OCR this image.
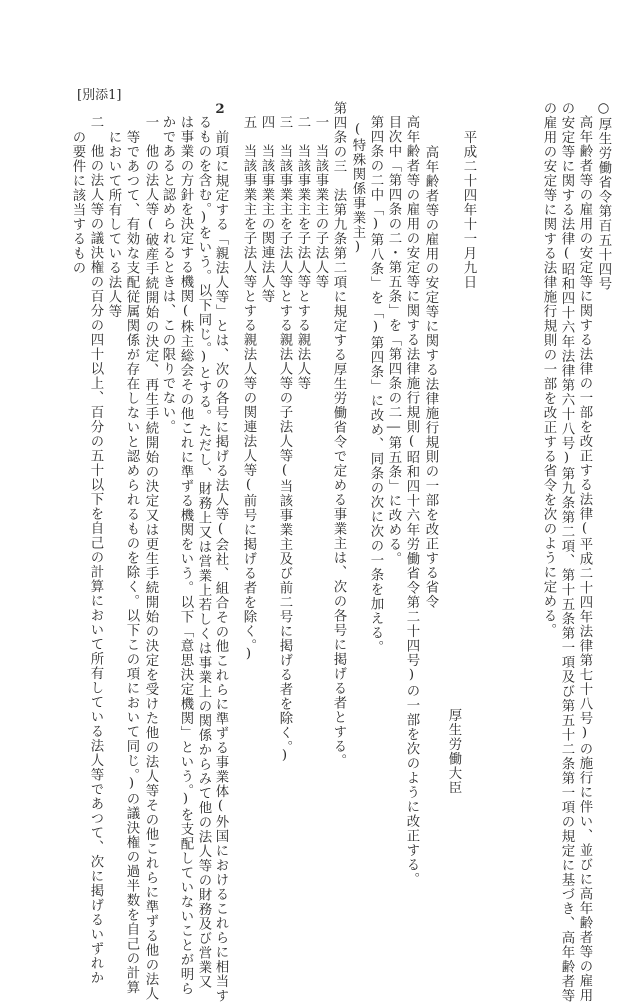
[別添1]
○厚生労働省令第百五十四号
高年齢者等の雇用の安定等に関する法律の一部を改正する法律(平成二十四年法律第七十八号)の施行に伴い、並びに高年齢者等の雇用
の安定等に関する法律(昭和四十六年法律第六十八号)第九条第二項、第十五条第一項及び第五十二条第一項の規定に基づき、高年齢者等
の雇用の安定等に関する法律施行規則の一部を改正する省令を次のように定める。
平成二十四年十一月九日
厚生労働大臣
高年齢者等の雇用の安定等に関する法律施行規則の一部を改正する省令
高年齢者等の雇用の安定等に関する法律施行規則(昭和四十六年労働省令第二十四号)の一部を次のように改正する。
目次中「第四条の二・第五条」を「第四条の二―第五条」に改める。
第四条の二中「)第八条」を「)第四条」に改め、同条の次に次の一条を加える。
(特殊関係事業主)
第四条の三　法第九条第二項に規定する厚生労働省令で定める事業主は、次の各号に掲げる者とする。
一　当該事業主の子法人等
二　当該事業主を子法人等とする親法人等
三　当該事業主を子法人等とする親法人等の子法人等(当該事業主及び前二号に掲げる者を除く。)
四　当該事業主の関連法人等
五　当該事業主を子法人等とする親法人等の関連法人等(前号に掲げる者を除く。)
2
前項に規定する「親法人等」とは、次の各号に掲げる法人等(会社、組合その他これらに準ずる事業体(外国におけるこれらに相当す
るものを含む。)をいう。以下同じ。)とする。ただし、財務上又は営業上若しくは事業上の関係からみて他の法人等の財務及び営業又
は事業の方針を決定する機関(株主総会その他これに準ずる機関をいう。以下「意思決定機関」という。)を支配していないことが明ら
かであると認められるときは、この限りでない。
一　他の法人等(破産手続開始の決定、再生手続開始の決定又は更生手続開始の決定を受けた他の法人等その他これらに準ずる他の法人
等であつて、有効な支配従属関係が存在しないと認められるものを除く。以下この項において同じ。)の議決権の過半数を自己の計算
において所有している法人等
二　他の法人等の議決権の百分の四十以上、百分の五十以下を自己の計算において所有している法人等であつて、次に掲げるいずれか
の要件に該当するもの
